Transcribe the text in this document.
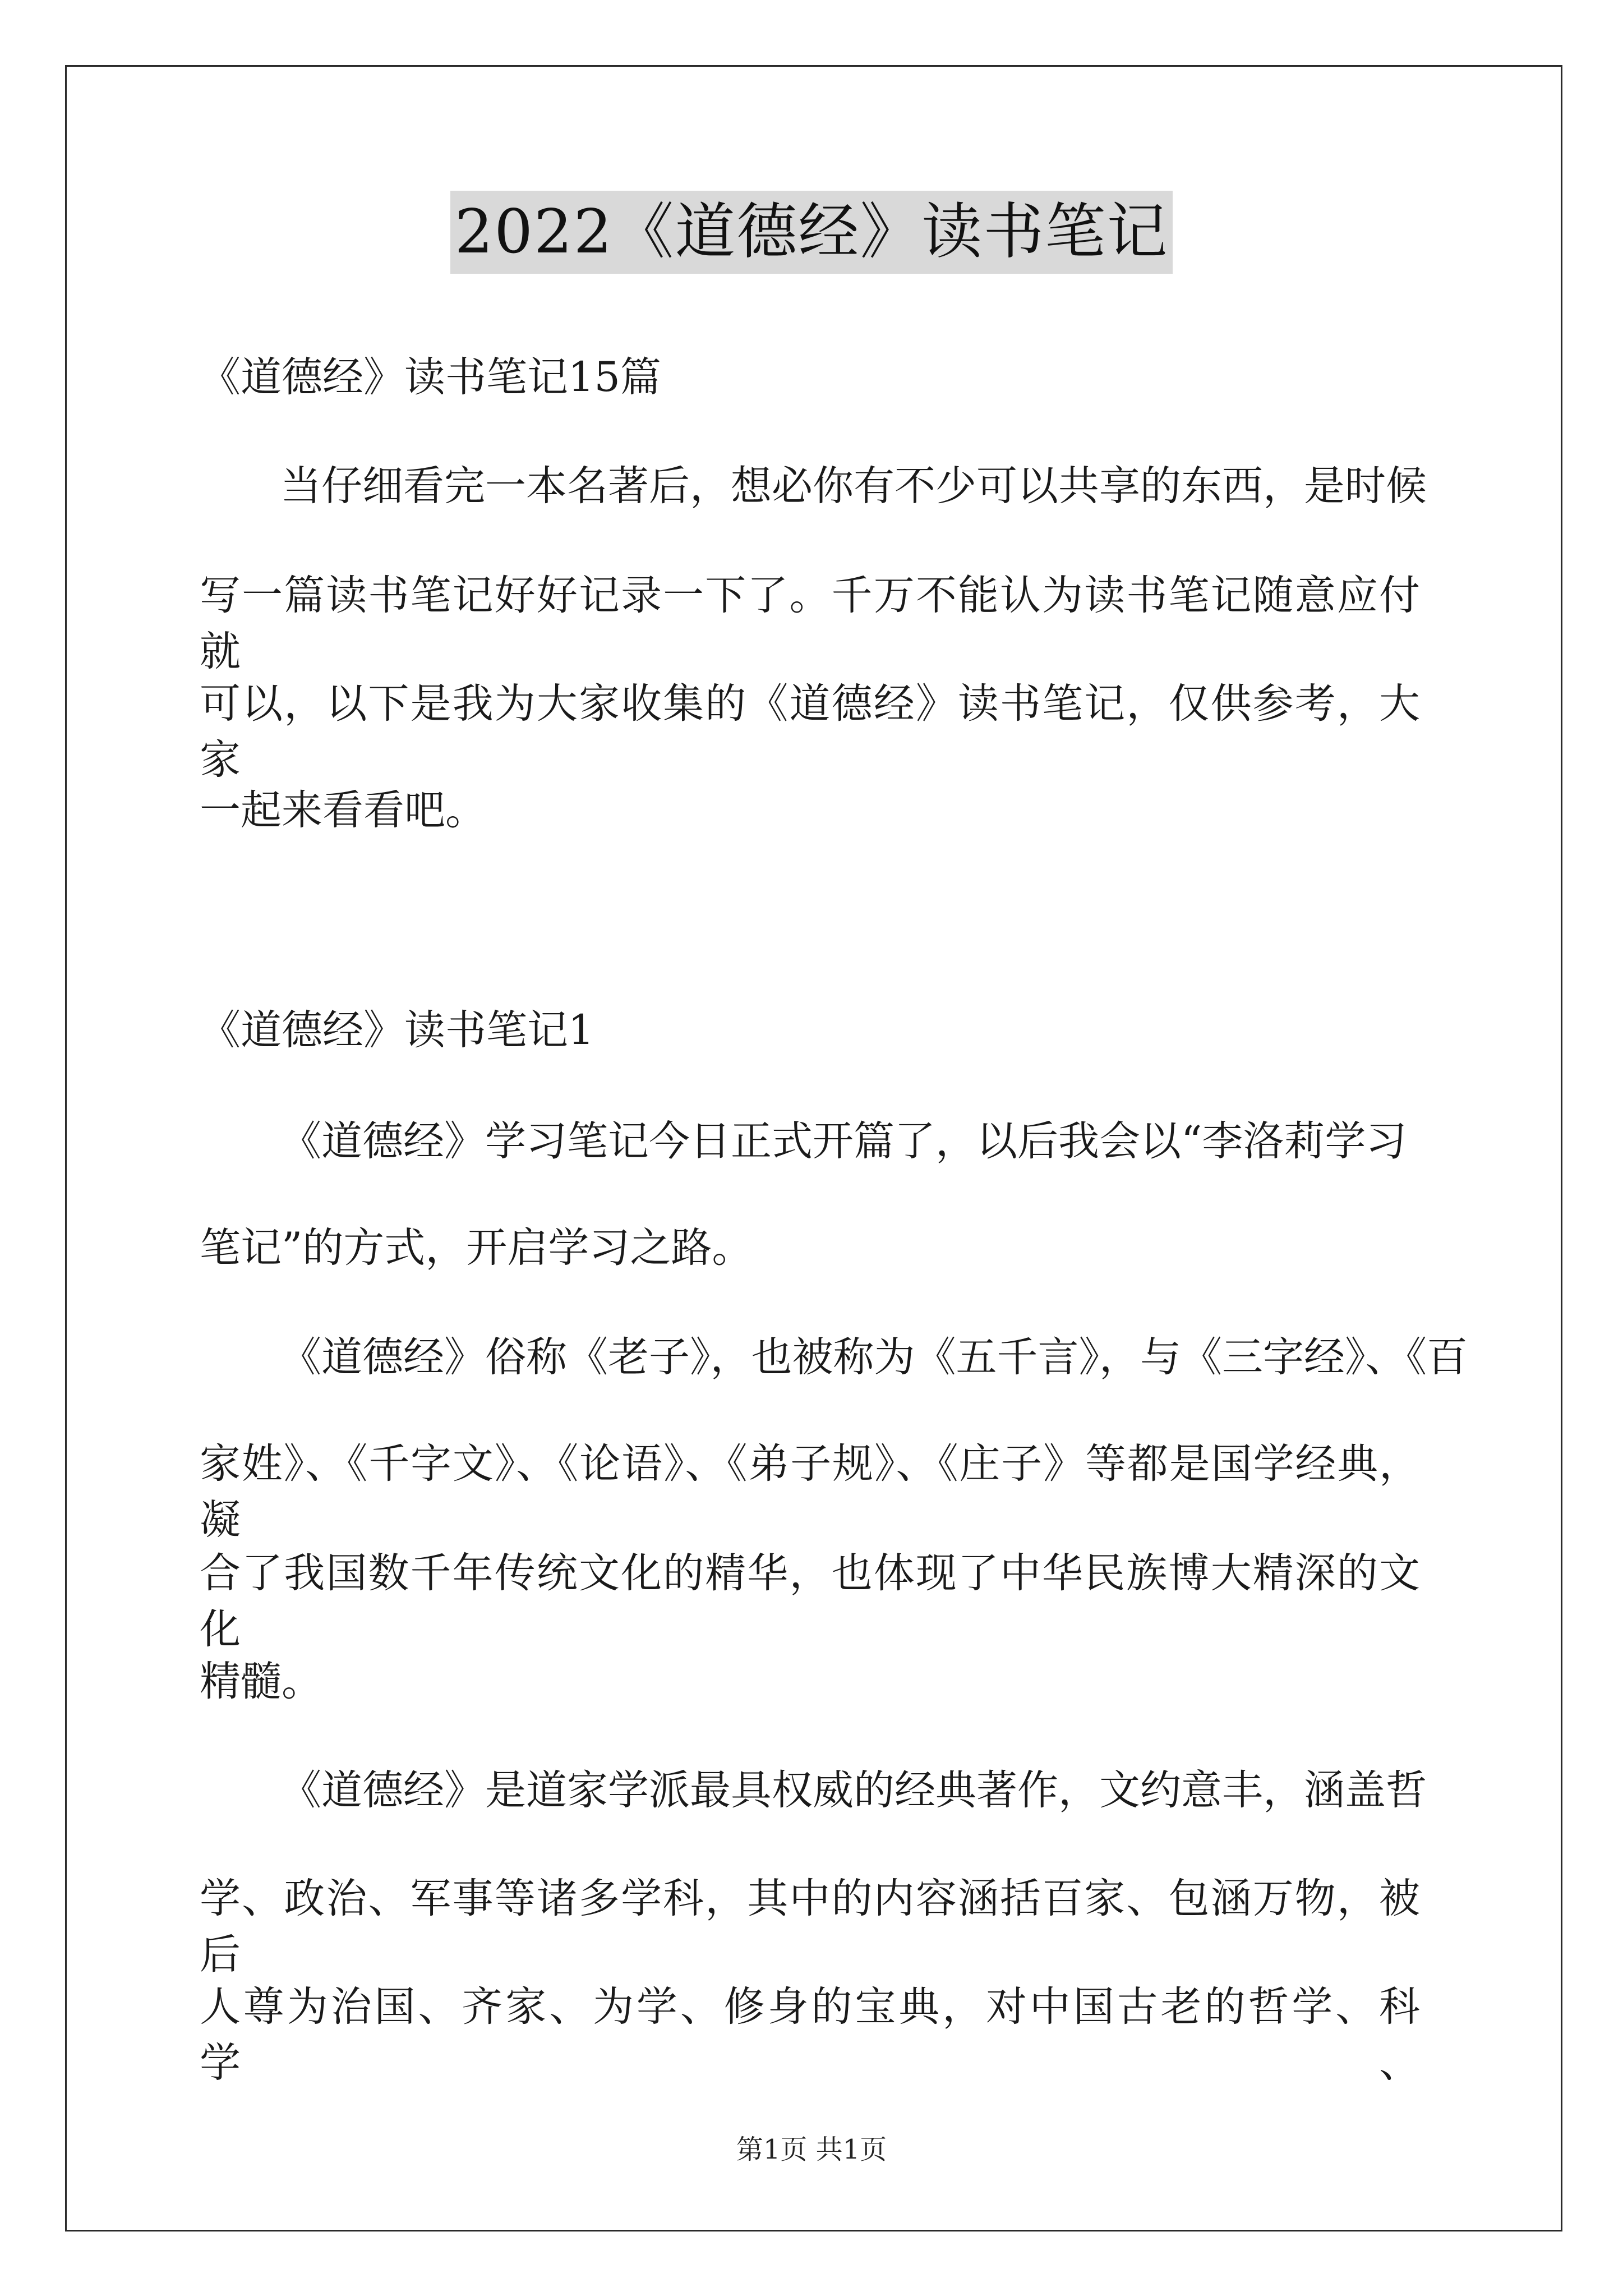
2022《道德经》读书笔记
《道德经》读书笔记15篇
当仔细看完一本名著后，想必你有不少可以共享的东西，是时候
写一篇读书笔记好好记录一下了。千万不能认为读书笔记随意应付就
可以，以下是我为大家收集的《道德经》读书笔记，仅供参考，大家
一起来看看吧。
《道德经》读书笔记1
《道德经》学习笔记今日正式开篇了，以后我会以“李洛莉学习
笔记”的方式，开启学习之路。
《道德经》俗称《老子》，也被称为《五千言》，与《三字经》、《百
家姓》、《千字文》、《论语》、《弟子规》、《庄子》等都是国学经典，凝
合了我国数千年传统文化的精华，也体现了中华民族博大精深的文化
精髓。
《道德经》是道家学派最具权威的经典著作，文约意丰，涵盖哲
学、政治、军事等诸多学科，其中的内容涵括百家、包涵万物，被后
人尊为治国、齐家、为学、修身的宝典，对中国古老的哲学、科学、
第1页 共1页
